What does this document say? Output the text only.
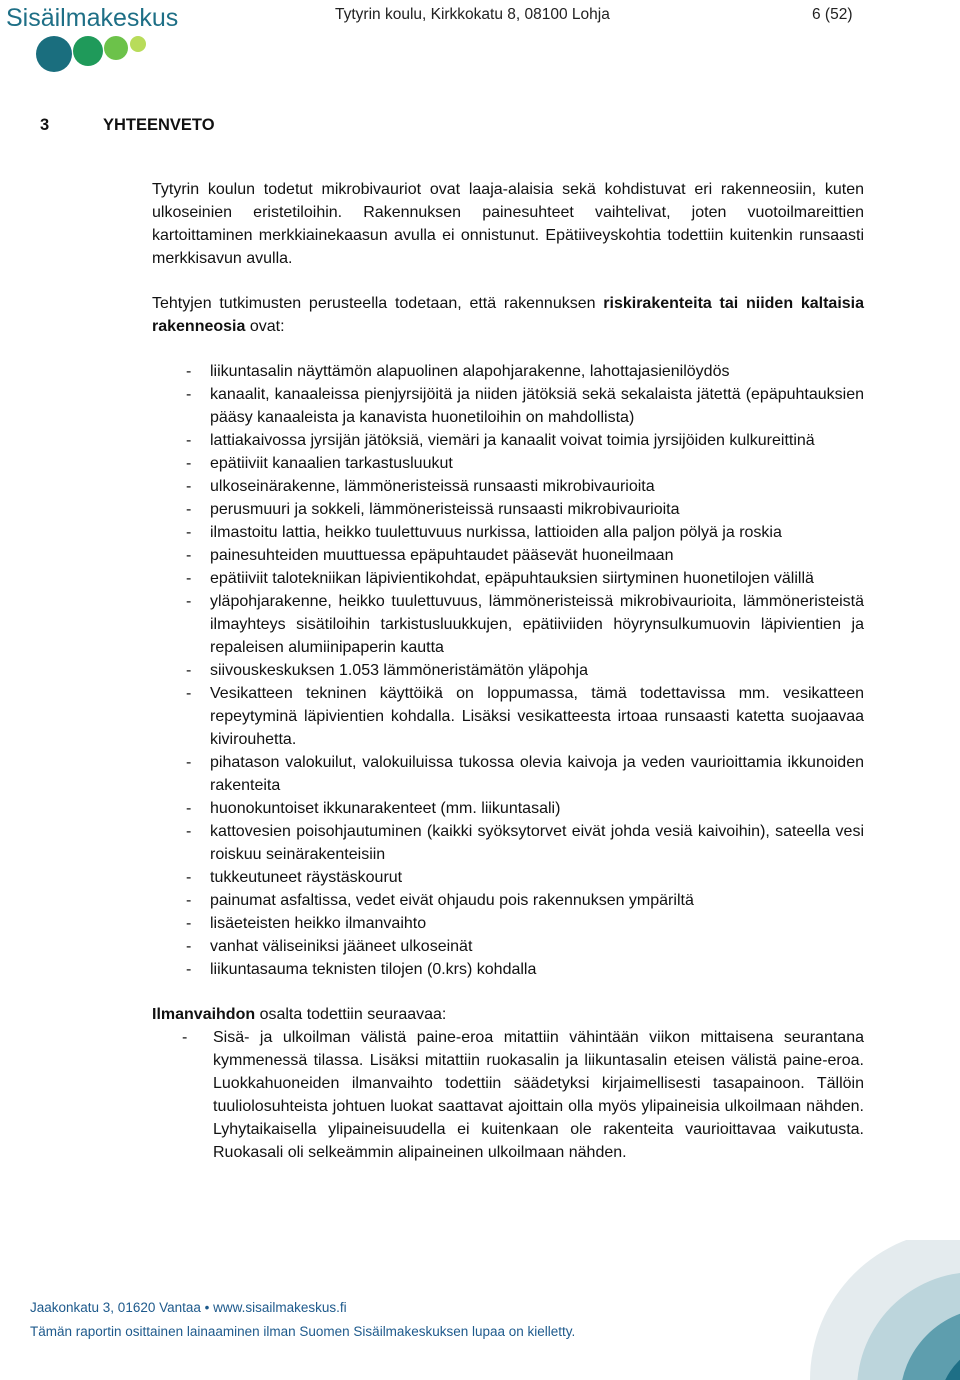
Sisäilmakeskus	Tytyrin koulu, Kirkkokatu 8, 08100 Lohja	6 (52)
3	YHTEENVETO

Tytyrin koulun todetut mikrobivauriot ovat laaja-alaisia sekä kohdistuvat eri rakenneosiin, kuten ulkoseinien eristetiloihin. Rakennuksen painesuhteet vaihtelivat, joten vuotoilmareittien kartoittaminen merkkiainekaasun avulla ei onnistunut. Epätiiveyskohtia todettiin kuitenkin runsaasti merkkisavun avulla.

Tehtyjen tutkimusten perusteella todetaan, että rakennuksen riskirakenteita tai niiden kaltaisia rakenneosia ovat:

- liikuntasalin näyttämön alapuolinen alapohjarakenne, lahottajasienilöydös
- kanaalit, kanaaleissa pienjyrsijöitä ja niiden jätöksiä sekä sekalaista jätettä (epäpuhtauksien pääsy kanaaleista ja kanavista huonetiloihin on mahdollista)
- lattiakaivossa jyrsijän jätöksiä, viemäri ja kanaalit voivat toimia jyrsijöiden kulkureittinä
- epätiiviit kanaalien tarkastusluukut
- ulkoseinärakenne, lämmöneristeissä runsaasti mikrobivaurioita
- perusmuuri ja sokkeli, lämmöneristeissä runsaasti mikrobivaurioita
- ilmastoitu lattia, heikko tuulettuvuus nurkissa, lattioiden alla paljon pölyä ja roskia
- painesuhteiden muuttuessa epäpuhtaudet pääsevät huoneilmaan
- epätiiviit talotekniikan läpivientikohdat, epäpuhtauksien siirtyminen huonetilojen välillä
- yläpohjarakenne, heikko tuulettuvuus, lämmöneristeissä mikrobivaurioita, lämmöneristeistä ilmayhteys sisätiloihin tarkistusluukkujen, epätiiviiden höyrynsulkumuovin läpivientien ja repaleisen alumiinipaperin kautta
- siivouskeskuksen 1.053 lämmöneristämätön yläpohja
- Vesikatteen tekninen käyttöikä on loppumassa, tämä todettavissa mm. vesikatteen repeytyminä läpivientien kohdalla. Lisäksi vesikatteesta irtoaa runsaasti katetta suojaavaa kivirouhetta.
- pihatason valokuilut, valokuiluissa tukossa olevia kaivoja ja veden vaurioittamia ikkunoiden rakenteita
- huonokuntoiset ikkunarakenteet (mm. liikuntasali)
- kattovesien poisohjautuminen (kaikki syöksytorvet eivät johda vesiä kaivoihin), sateella vesi roiskuu seinärakenteisiin
- tukkeutuneet räystäskourut
- painumat asfaltissa, vedet eivät ohjaudu pois rakennuksen ympäriltä
- lisäeteisten heikko ilmanvaihto
- vanhat väliseiniksi jääneet ulkoseinät
- liikuntasauma teknisten tilojen (0.krs) kohdalla

Ilmanvaihdon osalta todettiin seuraavaa:

- Sisä- ja ulkoilman välistä paine-eroa mitattiin vähintään viikon mittaisena seurantana kymmenessä tilassa. Lisäksi mitattiin ruokasalin ja liikuntasalin eteisen välistä paine-eroa. Luokkahuoneiden ilmanvaihto todettiin säädetyksi kirjaimellisesti tasapainoon. Tällöin tuuliolosuhteista johtuen luokat saattavat ajoittain olla myös ylipaineisia ulkoilmaan nähden. Lyhytaikaisella ylipaineisuudella ei kuitenkaan ole rakenteita vaurioittavaa vaikutusta. Ruokasali oli selkeämmin alipaineinen ulkoilmaan nähden.
Jaakonkatu 3, 01620 Vantaa • www.sisailmakeskus.fi
Tämän raportin osittainen lainaaminen ilman Suomen Sisäilmakeskuksen lupaa on kielletty.
